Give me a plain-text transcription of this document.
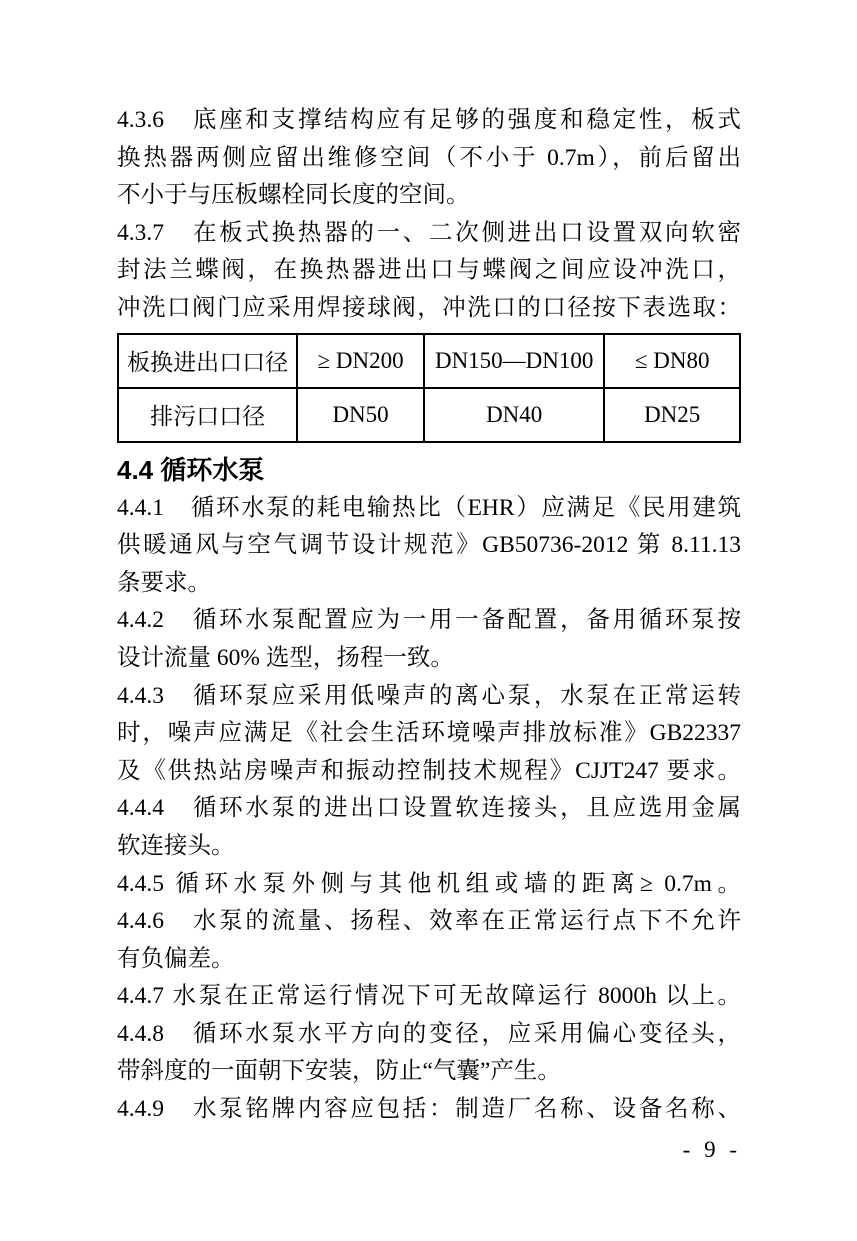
4.3.6　底座和支撑结构应有足够的强度和稳定性，板式
换热器两侧应留出维修空间（不小于 0.7m），前后留出
不小于与压板螺栓同长度的空间。

4.3.7　在板式换热器的一、二次侧进出口设置双向软密
封法兰蝶阀，在换热器进出口与蝶阀之间应设冲洗口，
冲洗口阀门应采用焊接球阀，冲洗口的口径按下表选取：

板换进出口口径	≥ DN200	DN150—DN100	≤ DN80
排污口口径	DN50	DN40	DN25
4.4 循环水泵

4.4.1　循环水泵的耗电输热比（EHR）应满足《民用建筑
供暖通风与空气调节设计规范》GB50736-2012 第 8.11.13
条要求。

4.4.2　循环水泵配置应为一用一备配置，备用循环泵按
设计流量 60% 选型，扬程一致。

4.4.3　循环泵应采用低噪声的离心泵，水泵在正常运转
时，噪声应满足《社会生活环境噪声排放标准》GB22337
及《供热站房噪声和振动控制技术规程》CJJT247 要求。

4.4.4　循环水泵的进出口设置软连接头，且应选用金属
软连接头。

4.4.5 循环水泵外侧与其他机组或墙的距离≥ 0.7m。

4.4.6　水泵的流量、扬程、效率在正常运行点下不允许
有负偏差。

4.4.7 水泵在正常运行情况下可无故障运行 8000h 以上。

4.4.8　循环水泵水平方向的变径，应采用偏心变径头，
带斜度的一面朝下安装，防止“气囊”产生。

4.4.9　水泵铭牌内容应包括：制造厂名称、设备名称、

- 9 -
